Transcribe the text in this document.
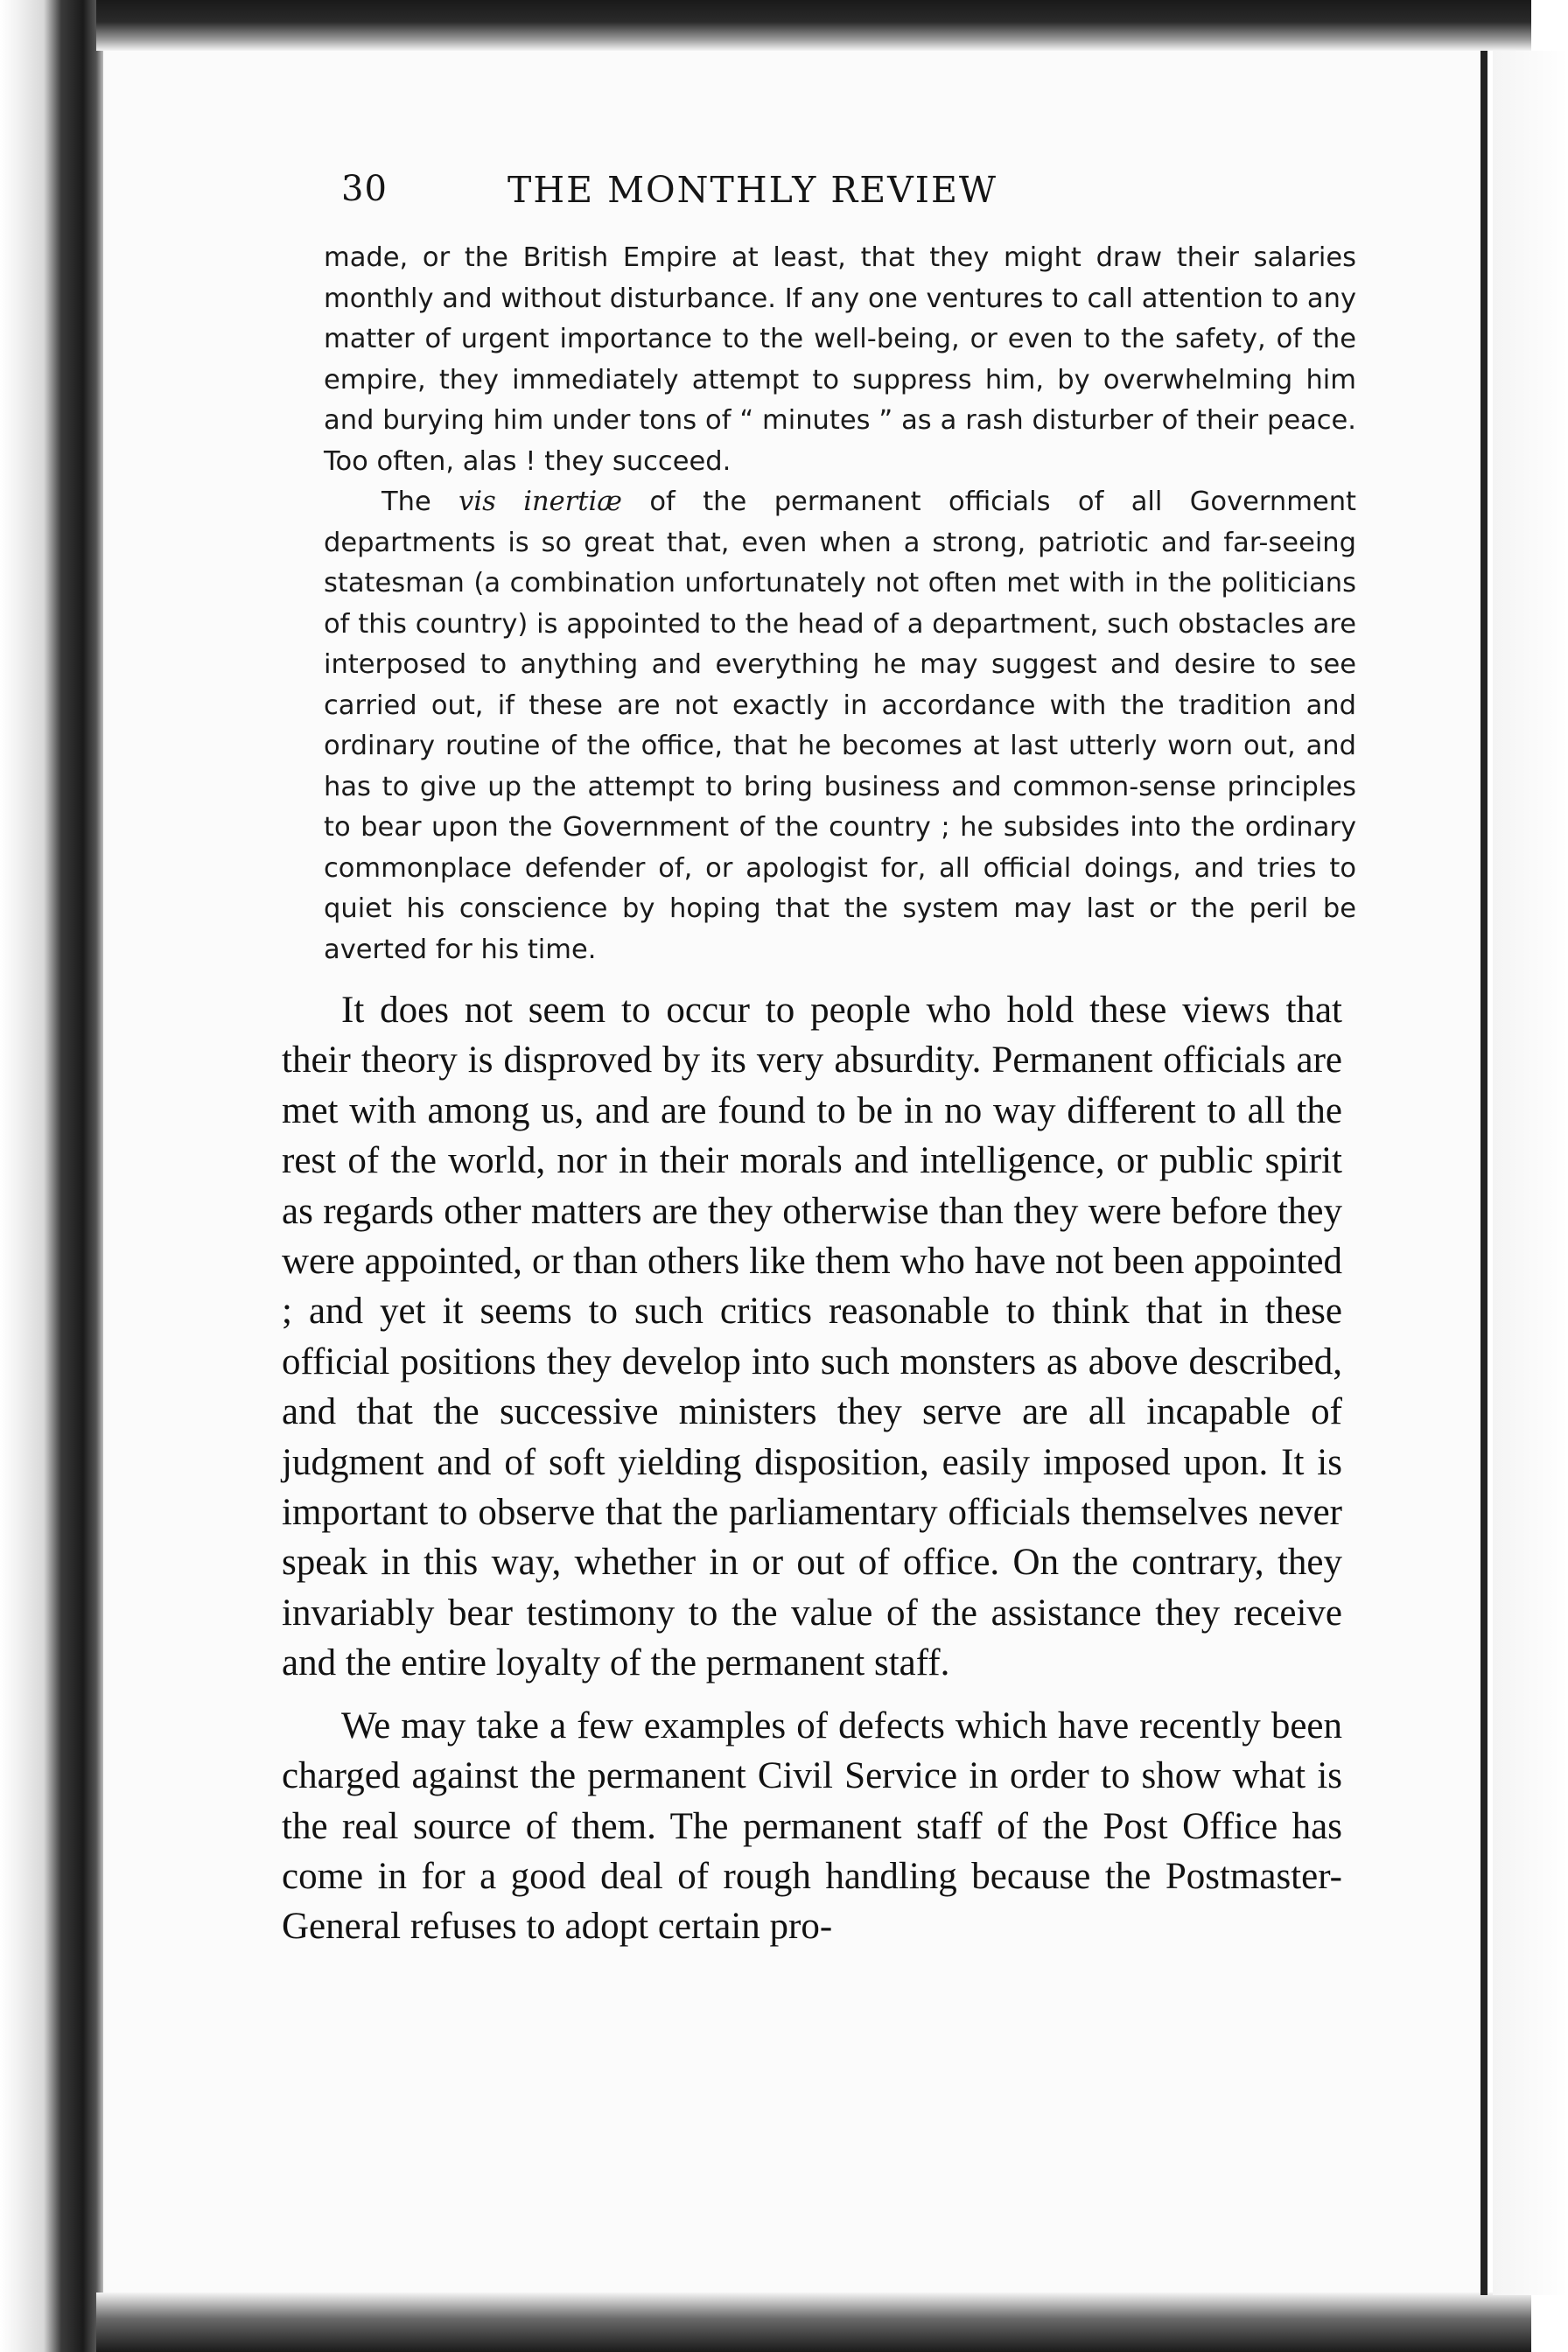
30	THE MONTHLY REVIEW

made, or the British Empire at least, that they might draw their salaries monthly and without disturbance. If any one ventures to call attention to any matter of urgent importance to the well-being, or even to the safety, of the empire, they immediately attempt to suppress him, by overwhelming him and burying him under tons of “ minutes ” as a rash disturber of their peace. Too often, alas ! they succeed.

The vis inertiæ of the permanent officials of all Government departments is so great that, even when a strong, patriotic and far-seeing statesman (a combination unfortunately not often met with in the politicians of this country) is appointed to the head of a department, such obstacles are interposed to anything and everything he may suggest and desire to see carried out, if these are not exactly in accordance with the tradition and ordinary routine of the office, that he becomes at last utterly worn out, and has to give up the attempt to bring business and common-sense principles to bear upon the Government of the country ; he subsides into the ordinary commonplace defender of, or apologist for, all official doings, and tries to quiet his conscience by hoping that the system may last or the peril be averted for his time.

It does not seem to occur to people who hold these views that their theory is disproved by its very absurdity. Permanent officials are met with among us, and are found to be in no way different to all the rest of the world, nor in their morals and intelligence, or public spirit as regards other matters are they otherwise than they were before they were appointed, or than others like them who have not been appointed ; and yet it seems to such critics reasonable to think that in these official positions they develop into such monsters as above described, and that the successive ministers they serve are all incapable of judgment and of soft yielding disposition, easily imposed upon. It is important to observe that the parliamentary officials themselves never speak in this way, whether in or out of office. On the contrary, they invariably bear testimony to the value of the assistance they receive and the entire loyalty of the permanent staff.

We may take a few examples of defects which have recently been charged against the permanent Civil Service in order to show what is the real source of them. The permanent staff of the Post Office has come in for a good deal of rough handling because the Postmaster-General refuses to adopt certain pro-
